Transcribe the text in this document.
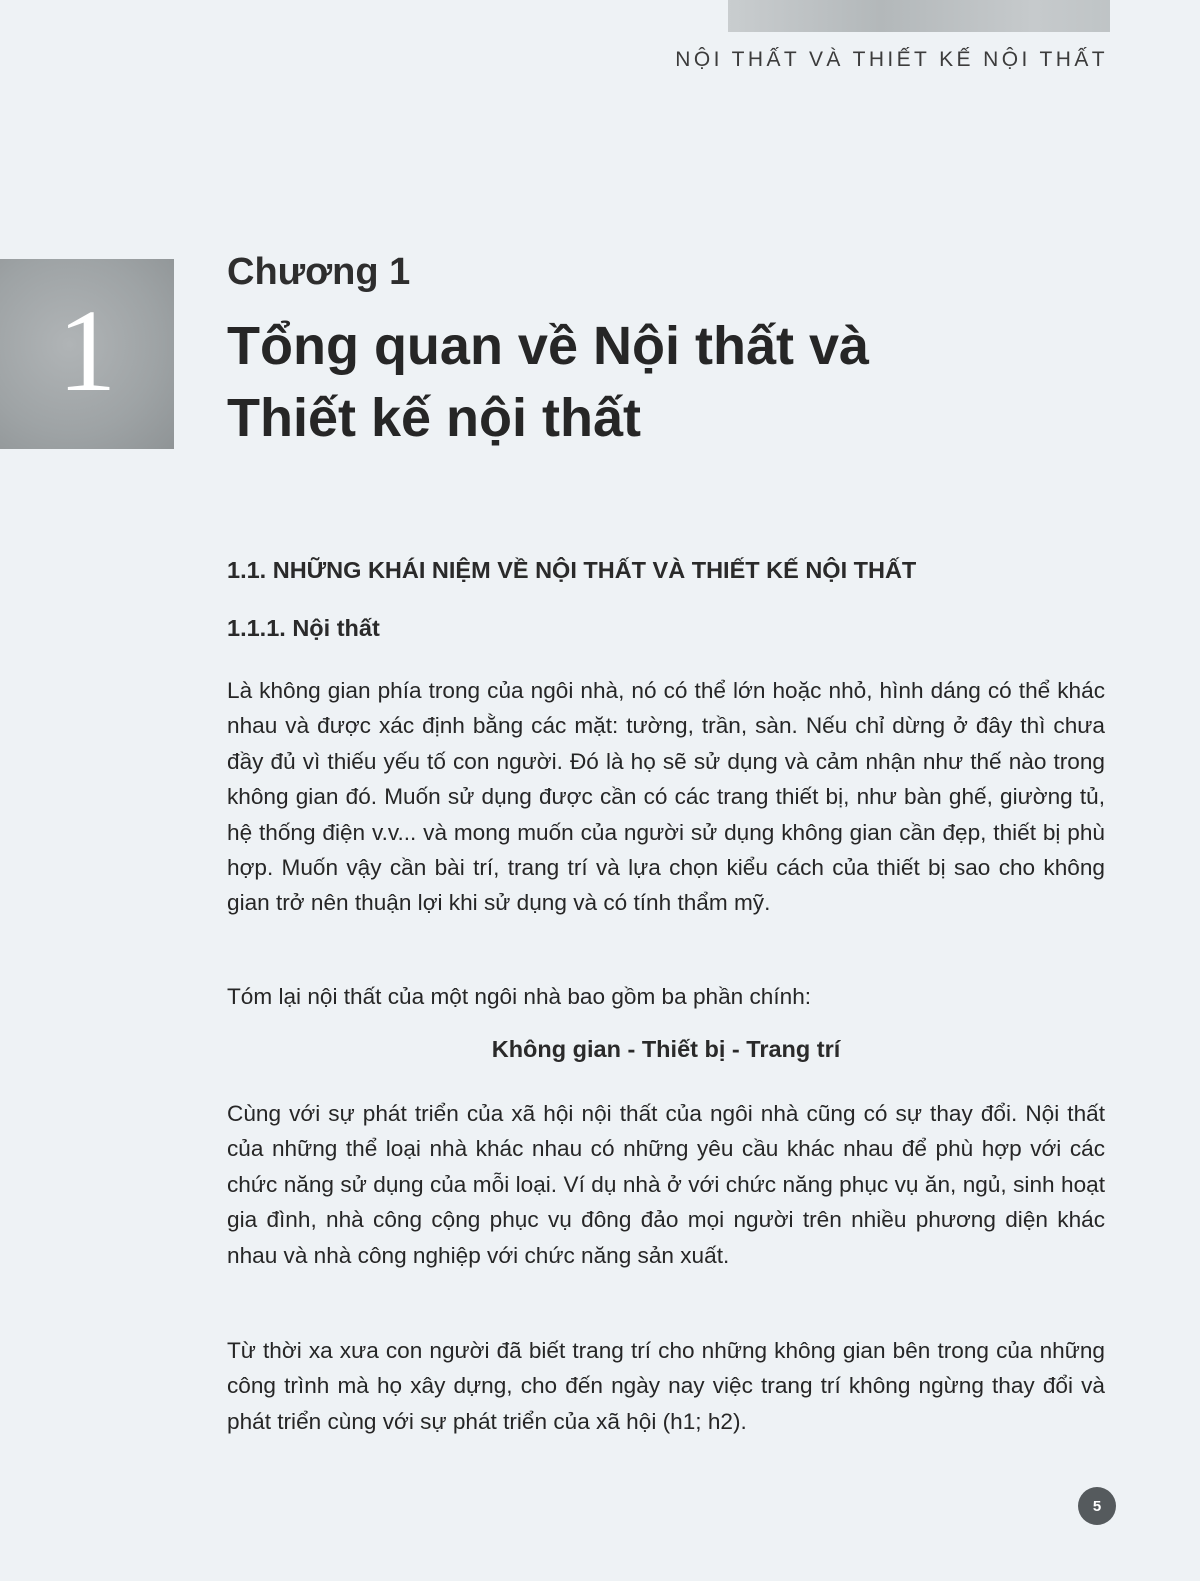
NỘI THẤT VÀ THIẾT KẾ NỘI THẤT
1
Chương 1
Tổng quan về Nội thất và
Thiết kế nội thất
1.1. NHỮNG KHÁI NIỆM VỀ NỘI THẤT VÀ THIẾT KẾ NỘI THẤT
1.1.1. Nội thất

Là không gian phía trong của ngôi nhà, nó có thể lớn hoặc nhỏ, hình dáng có thể khác nhau và được xác định bằng các mặt: tường, trần, sàn. Nếu chỉ dừng ở đây thì chưa đầy đủ vì thiếu yếu tố con người. Đó là họ sẽ sử dụng và cảm nhận như thế nào trong không gian đó. Muốn sử dụng được cần có các trang thiết bị, như bàn ghế, giường tủ, hệ thống điện v.v... và mong muốn của người sử dụng không gian cần đẹp, thiết bị phù hợp. Muốn vậy cần bài trí, trang trí và lựa chọn kiểu cách của thiết bị sao cho không gian trở nên thuận lợi khi sử dụng và có tính thẩm mỹ.

Tóm lại nội thất của một ngôi nhà bao gồm ba phần chính:

Không gian - Thiết bị - Trang trí

Cùng với sự phát triển của xã hội nội thất của ngôi nhà cũng có sự thay đổi. Nội thất của những thể loại nhà khác nhau có những yêu cầu khác nhau để phù hợp với các chức năng sử dụng của mỗi loại. Ví dụ nhà ở với chức năng phục vụ ăn, ngủ, sinh hoạt gia đình, nhà công cộng phục vụ đông đảo mọi người trên nhiều phương diện khác nhau và nhà công nghiệp với chức năng sản xuất.

Từ thời xa xưa con người đã biết trang trí cho những không gian bên trong của những công trình mà họ xây dựng, cho đến ngày nay việc trang trí không ngừng thay đổi và phát triển cùng với sự phát triển của xã hội (h1; h2).

5
